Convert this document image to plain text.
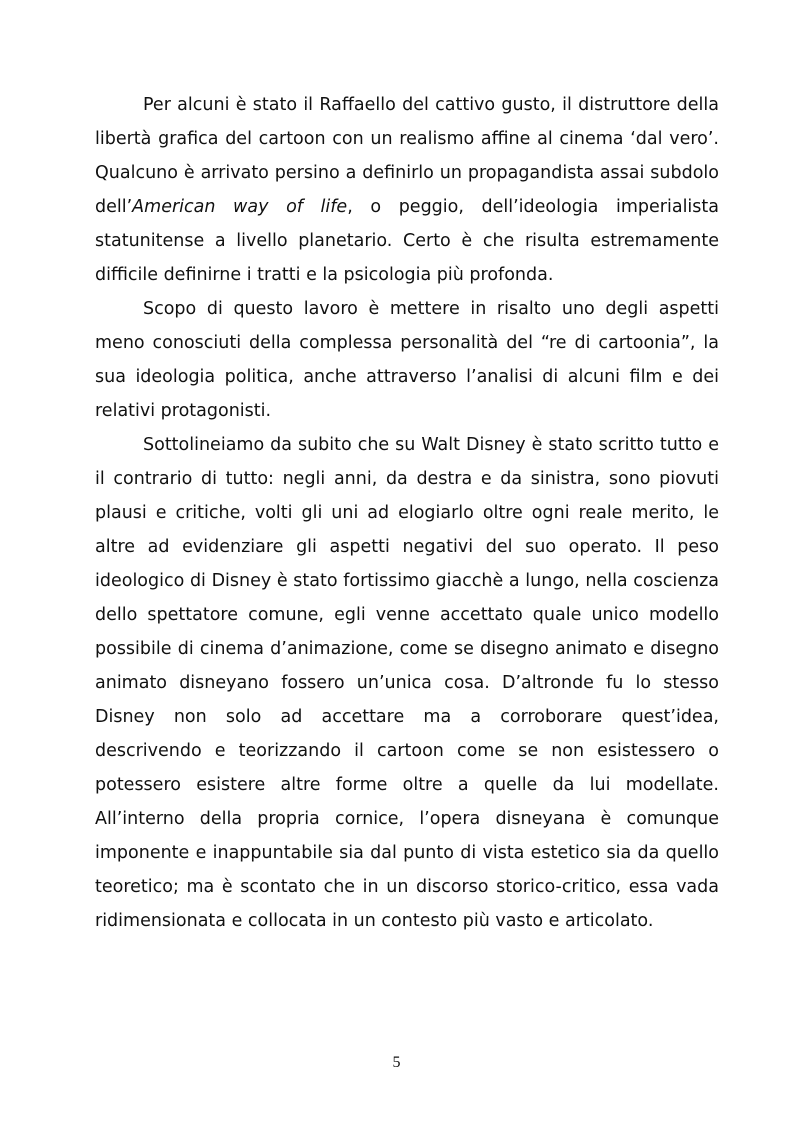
Per alcuni è stato il Raffaello del cattivo gusto, il distruttore della libertà grafica del cartoon con un realismo affine al cinema ‘dal vero’. Qualcuno è arrivato persino a definirlo un propagandista assai subdolo dell’American way of life, o peggio, dell’ideologia imperialista statunitense a livello planetario. Certo è che risulta estremamente difficile definirne i tratti e la psicologia più profonda.

Scopo di questo lavoro è mettere in risalto uno degli aspetti meno conosciuti della complessa personalità del “re di cartoonia”, la sua ideologia politica, anche attraverso l’analisi di alcuni film e dei relativi protagonisti.

Sottolineiamo da subito che su Walt Disney è stato scritto tutto e il contrario di tutto: negli anni, da destra e da sinistra, sono piovuti plausi e critiche, volti gli uni ad elogiarlo oltre ogni reale merito, le altre ad evidenziare gli aspetti negativi del suo operato. Il peso ideologico di Disney è stato fortissimo giacchè a lungo, nella coscienza dello spettatore comune, egli venne accettato quale unico modello possibile di cinema d’animazione, come se disegno animato e disegno animato disneyano fossero un’unica cosa. D’altronde fu lo stesso Disney non solo ad accettare ma a corroborare quest’idea, descrivendo e teorizzando il cartoon come se non esistessero o potessero esistere altre forme oltre a quelle da lui modellate. All’interno della propria cornice, l’opera disneyana è comunque imponente e inappuntabile sia dal punto di vista estetico sia da quello teoretico; ma è scontato che in un discorso storico-critico, essa vada ridimensionata e collocata in un contesto più vasto e articolato.

5
